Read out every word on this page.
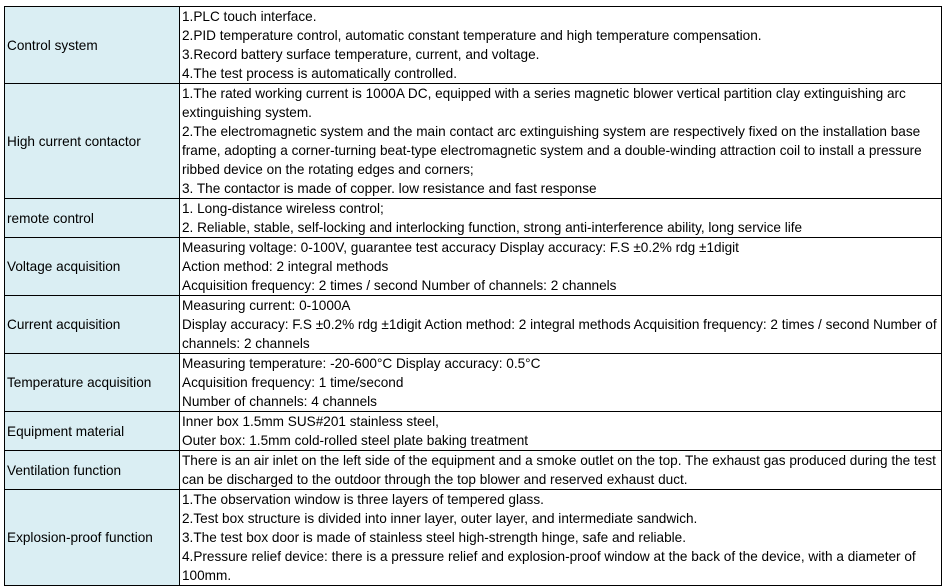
Control system	1.PLC touch interface.
2.PID temperature control, automatic constant temperature and high temperature compensation.
3.Record battery surface temperature, current, and voltage.
4.The test process is automatically controlled.

High current contactor	1.The rated working current is 1000A DC, equipped with a series magnetic blower vertical partition clay extinguishing arc extinguishing system.
2.The electromagnetic system and the main contact arc extinguishing system are respectively fixed on the installation base frame, adopting a corner-turning beat-type electromagnetic system and a double-winding attraction coil to install a pressure ribbed device on the rotating edges and corners;
3. The contactor is made of copper. low resistance and fast response

remote control	1. Long-distance wireless control;
2. Reliable, stable, self-locking and interlocking function, strong anti-interference ability, long service life

Voltage acquisition	Measuring voltage: 0-100V, guarantee test accuracy Display accuracy: F.S ±0.2% rdg ±1digit
Action method: 2 integral methods
Acquisition frequency: 2 times / second Number of channels: 2 channels

Current acquisition	Measuring current: 0-1000A
Display accuracy: F.S ±0.2% rdg ±1digit Action method: 2 integral methods Acquisition frequency: 2 times / second Number of channels: 2 channels

Temperature acquisition	Measuring temperature: -20-600°C Display accuracy: 0.5°C
Acquisition frequency: 1 time/second
Number of channels: 4 channels

Equipment material	Inner box 1.5mm SUS#201 stainless steel,
Outer box: 1.5mm cold-rolled steel plate baking treatment

Ventilation function	There is an air inlet on the left side of the equipment and a smoke outlet on the top. The exhaust gas produced during the test can be discharged to the outdoor through the top blower and reserved exhaust duct.

Explosion-proof function	1.The observation window is three layers of tempered glass.
2.Test box structure is divided into inner layer, outer layer, and intermediate sandwich.
3.The test box door is made of stainless steel high-strength hinge, safe and reliable.
4.Pressure relief device: there is a pressure relief and explosion-proof window at the back of the device, with a diameter of 100mm.
